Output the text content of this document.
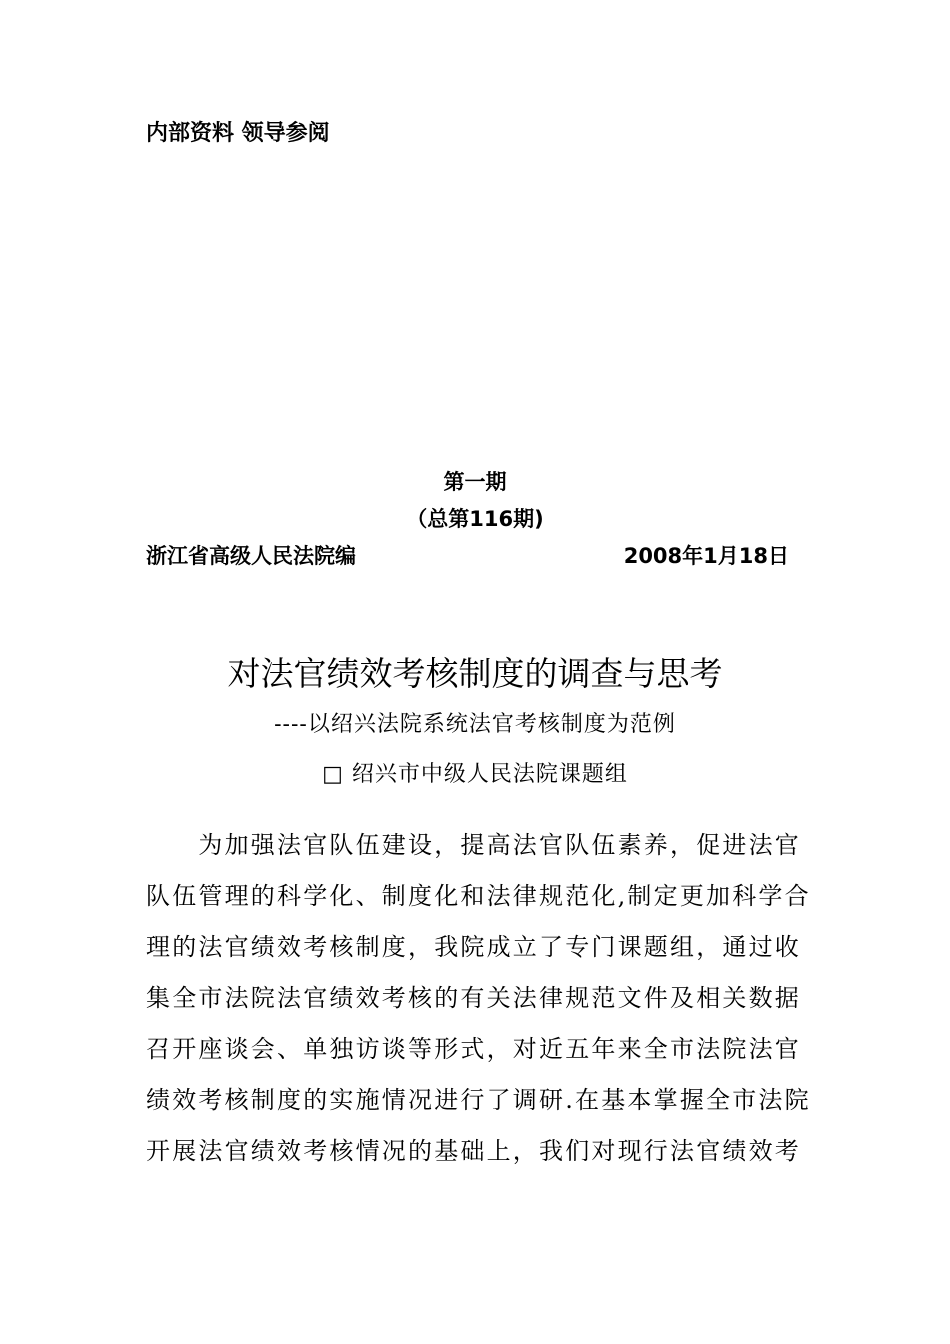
内部资料 领导参阅
第一期
（总第116期)
浙江省高级人民法院编	2008年1月18日
对法官绩效考核制度的调查与思考
----以绍兴法院系统法官考核制度为范例
□ 绍兴市中级人民法院课题组
　　为加强法官队伍建设，提高法官队伍素养，促进法官
队伍管理的科学化、制度化和法律规范化,制定更加科学合
理的法官绩效考核制度，我院成立了专门课题组，通过收
集全市法院法官绩效考核的有关法律规范文件及相关数据
召开座谈会、单独访谈等形式，对近五年来全市法院法官
绩效考核制度的实施情况进行了调研.在基本掌握全市法院
开展法官绩效考核情况的基础上，我们对现行法官绩效考
